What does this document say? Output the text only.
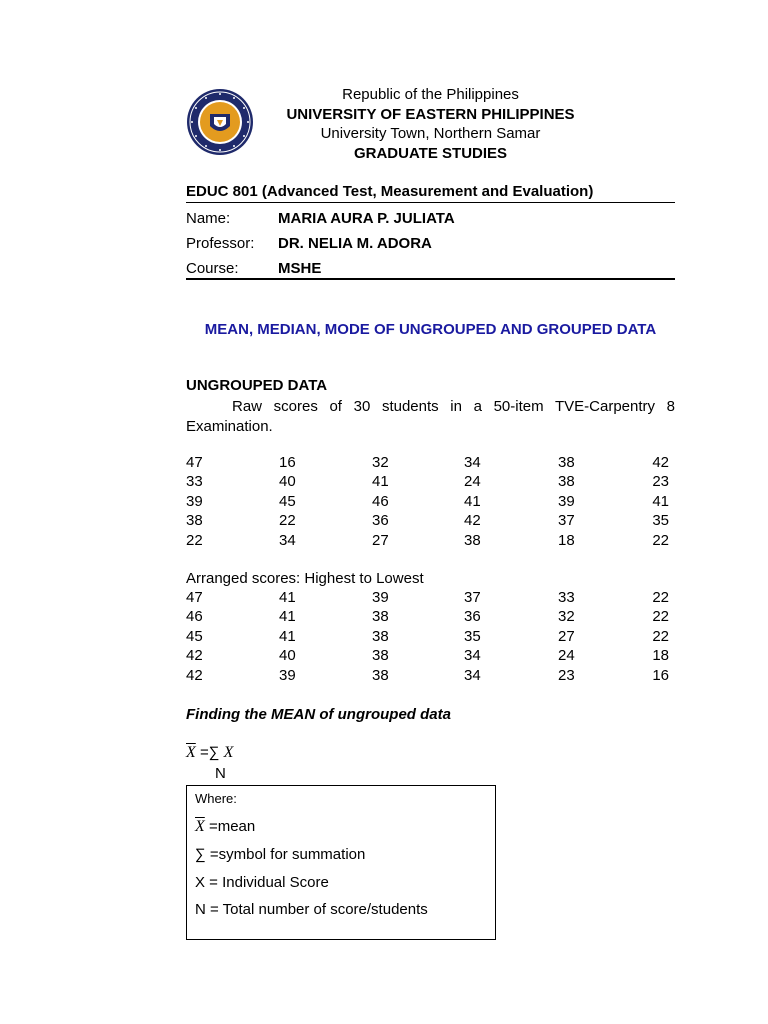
Republic of the Philippines
UNIVERSITY OF EASTERN PHILIPPINES
University Town, Northern Samar
GRADUATE STUDIES
EDUC 801 (Advanced Test, Measurement and Evaluation)
Name:	MARIA AURA P. JULIATA
Professor:	DR. NELIA M. ADORA
Course:	MSHE
MEAN, MEDIAN, MODE OF UNGROUPED AND GROUPED DATA
UNGROUPED DATA
Raw scores of 30 students in a 50-item TVE-Carpentry 8 Examination.
47	16	32	34	38	42
33	40	41	24	38	23
39	45	46	41	39	41
38	22	36	42	37	35
22	34	27	38	18	22
Arranged scores: Highest to Lowest
47	41	39	37	33	22
46	41	38	36	32	22
45	41	38	35	27	22
42	40	38	34	24	18
42	39	38	34	23	16
Finding the MEAN of ungrouped data
$\overline{X}$ =∑ X
N
Where:
$\overline{X}$ =mean
∑ =symbol for summation
X = Individual Score
N = Total number of score/students
